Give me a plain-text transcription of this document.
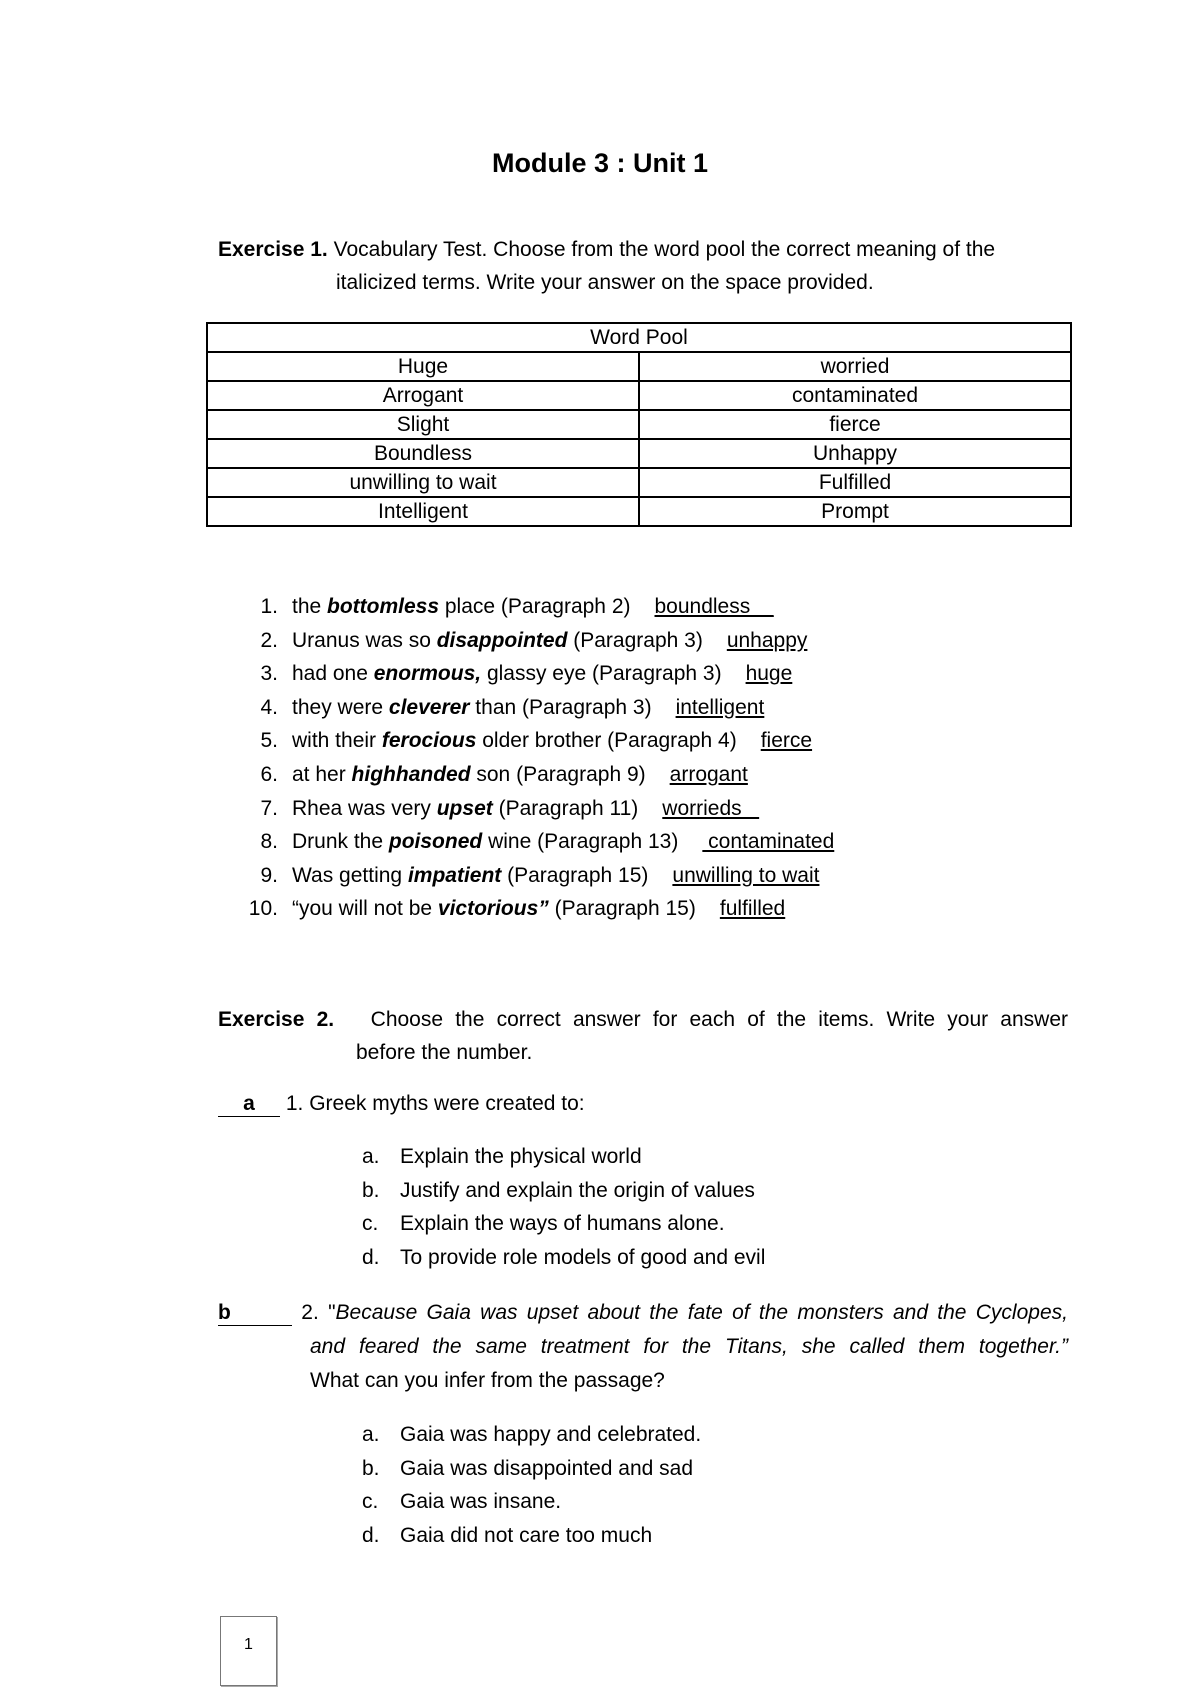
Module 3 : Unit 1
Exercise 1. Vocabulary Test. Choose from the word pool the correct meaning of the
italicized terms. Write your answer on the space provided.
Word Pool	
Huge	worried
Arrogant	contaminated
Slight	fierce
Boundless	Unhappy
unwilling to wait	Fulfilled
Intelligent	Prompt
1. the bottomless place (Paragraph 2) boundless  _
2. Uranus was so disappointed (Paragraph 3) unhappy
3. had one enormous, glassy eye (Paragraph 3) huge
4. they were cleverer than (Paragraph 3) intelligent
5. with their ferocious older brother (Paragraph 4) fierce
6. at her highhanded son (Paragraph 9) arrogant
7. Rhea was very upset (Paragraph 11) worrieds
8. Drunk the poisoned wine (Paragraph 13) contaminated
9. Was getting impatient (Paragraph 15) unwilling to wait
10. “you will not be victorious” (Paragraph 15) fulfilled
Exercise 2. Choose the correct answer for each of the items. Write your answer
before the number.
a 1. Greek myths were created to:
a. Explain the physical world
b. Justify and explain the origin of values
c. Explain the ways of humans alone.
d. To provide role models of good and evil
b	2. "Because Gaia was upset about the fate of the monsters and the Cyclopes,
and feared the same treatment for the Titans, she called them together.”
What can you infer from the passage?
a. Gaia was happy and celebrated.
b. Gaia was disappointed and sad
c. Gaia was insane.
d. Gaia did not care too much
1
